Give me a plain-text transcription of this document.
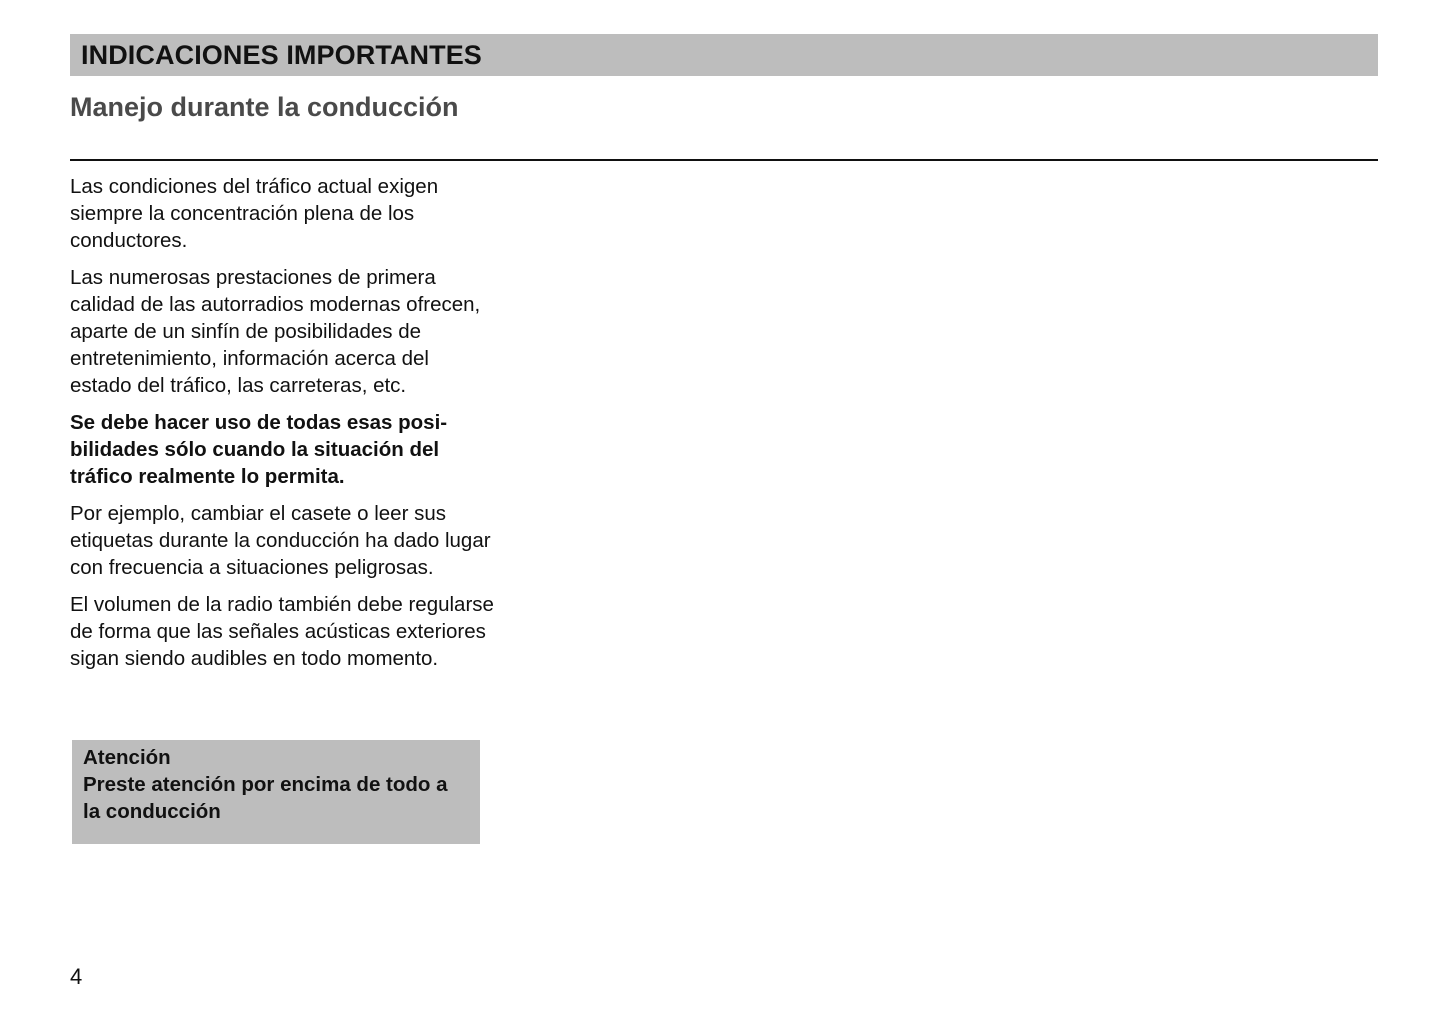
INDICACIONES IMPORTANTES
Manejo durante la conducción

Las condiciones del tráfico actual exigen siempre la concentración plena de los conductores.

Las numerosas prestaciones de primera calidad de las autorradios modernas ofrecen, aparte de un sinfín de posibilidades de entretenimiento, información acerca del estado del tráfico, las carreteras, etc.

Se debe hacer uso de todas esas posibilidades sólo cuando la situación del tráfico realmente lo permita.

Por ejemplo, cambiar el casete o leer sus etiquetas durante la conducción ha dado lugar con frecuencia a situaciones peligrosas.

El volumen de la radio también debe regularse de forma que las señales acústicas exteriores sigan siendo audibles en todo momento.

Atención
Preste atención por encima de todo a la conducción
4
